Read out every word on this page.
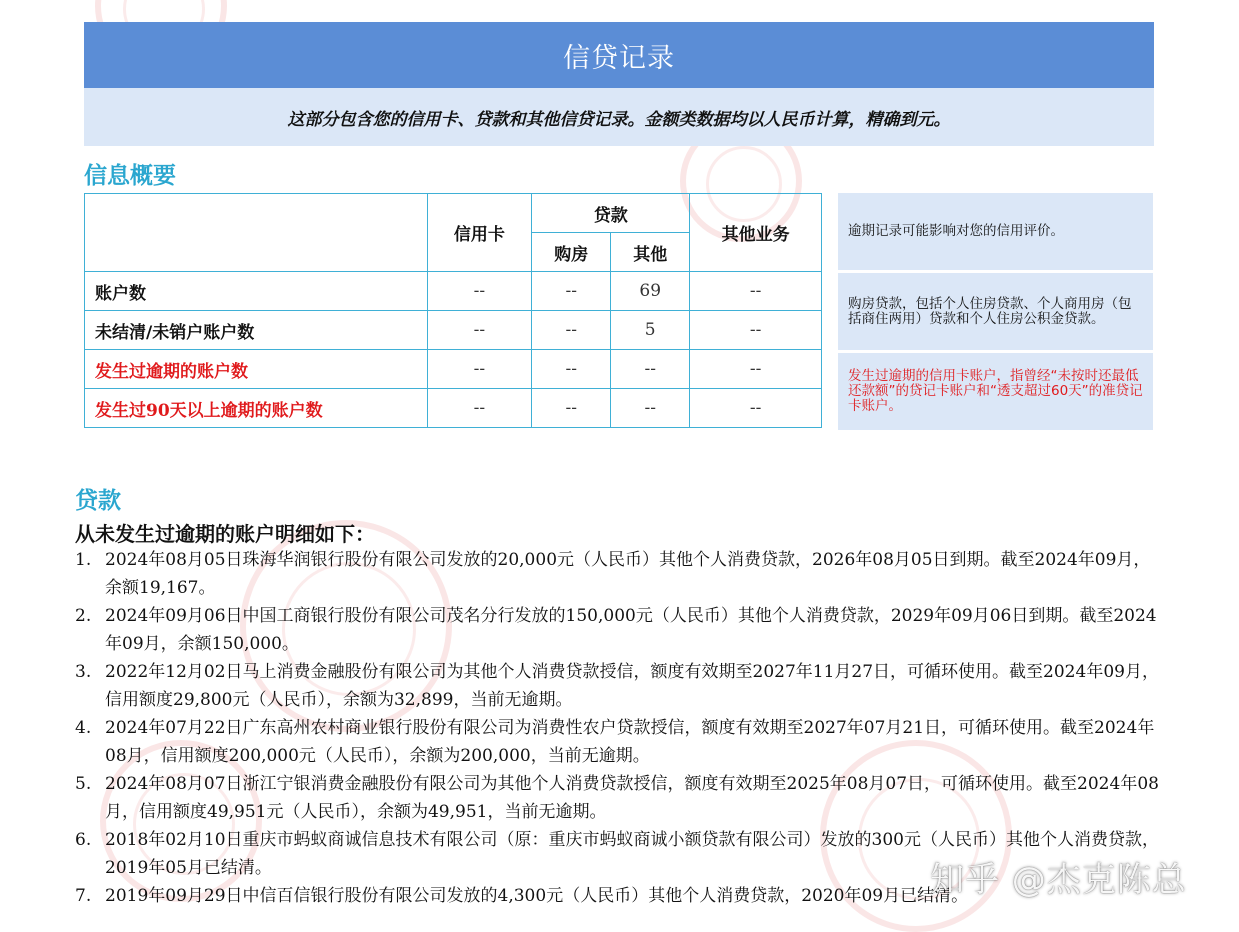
信贷记录
这部分包含您的信用卡、贷款和其他信贷记录。金额类数据均以人民币计算，精确到元。
信息概要
	信用卡	贷款		其他业务
		购房	其他	
账户数	--	--	69	--
未结清/未销户账户数	--	--	5	--
发生过逾期的账户数	--	--	--	--
发生过90天以上逾期的账户数	--	--	--	--
逾期记录可能影响对您的信用评价。
购房贷款，包括个人住房贷款、个人商用房（包括商住两用）贷款和个人住房公积金贷款。
发生过逾期的信用卡账户，指曾经“未按时还最低还款额”的贷记卡账户和“透支超过60天”的准贷记卡账户。
贷款
从未发生过逾期的账户明细如下：
1. 2024年08月05日珠海华润银行股份有限公司发放的20,000元（人民币）其他个人消费贷款，2026年08月05日到期。截至2024年09月，余额19,167。
2. 2024年09月06日中国工商银行股份有限公司茂名分行发放的150,000元（人民币）其他个人消费贷款，2029年09月06日到期。截至2024年09月，余额150,000。
3. 2022年12月02日马上消费金融股份有限公司为其他个人消费贷款授信，额度有效期至2027年11月27日，可循环使用。截至2024年09月，信用额度29,800元（人民币），余额为32,899，当前无逾期。
4. 2024年07月22日广东高州农村商业银行股份有限公司为消费性农户贷款授信，额度有效期至2027年07月21日，可循环使用。截至2024年08月，信用额度200,000元（人民币），余额为200,000，当前无逾期。
5. 2024年08月07日浙江宁银消费金融股份有限公司为其他个人消费贷款授信，额度有效期至2025年08月07日，可循环使用。截至2024年08月，信用额度49,951元（人民币），余额为49,951，当前无逾期。
6. 2018年02月10日重庆市蚂蚁商诚信息技术有限公司（原：重庆市蚂蚁商诚小额贷款有限公司）发放的300元（人民币）其他个人消费贷款，2019年05月已结清。
7. 2019年09月29日中信百信银行股份有限公司发放的4,300元（人民币）其他个人消费贷款，2020年09月已结清。
知乎 @杰克陈总
